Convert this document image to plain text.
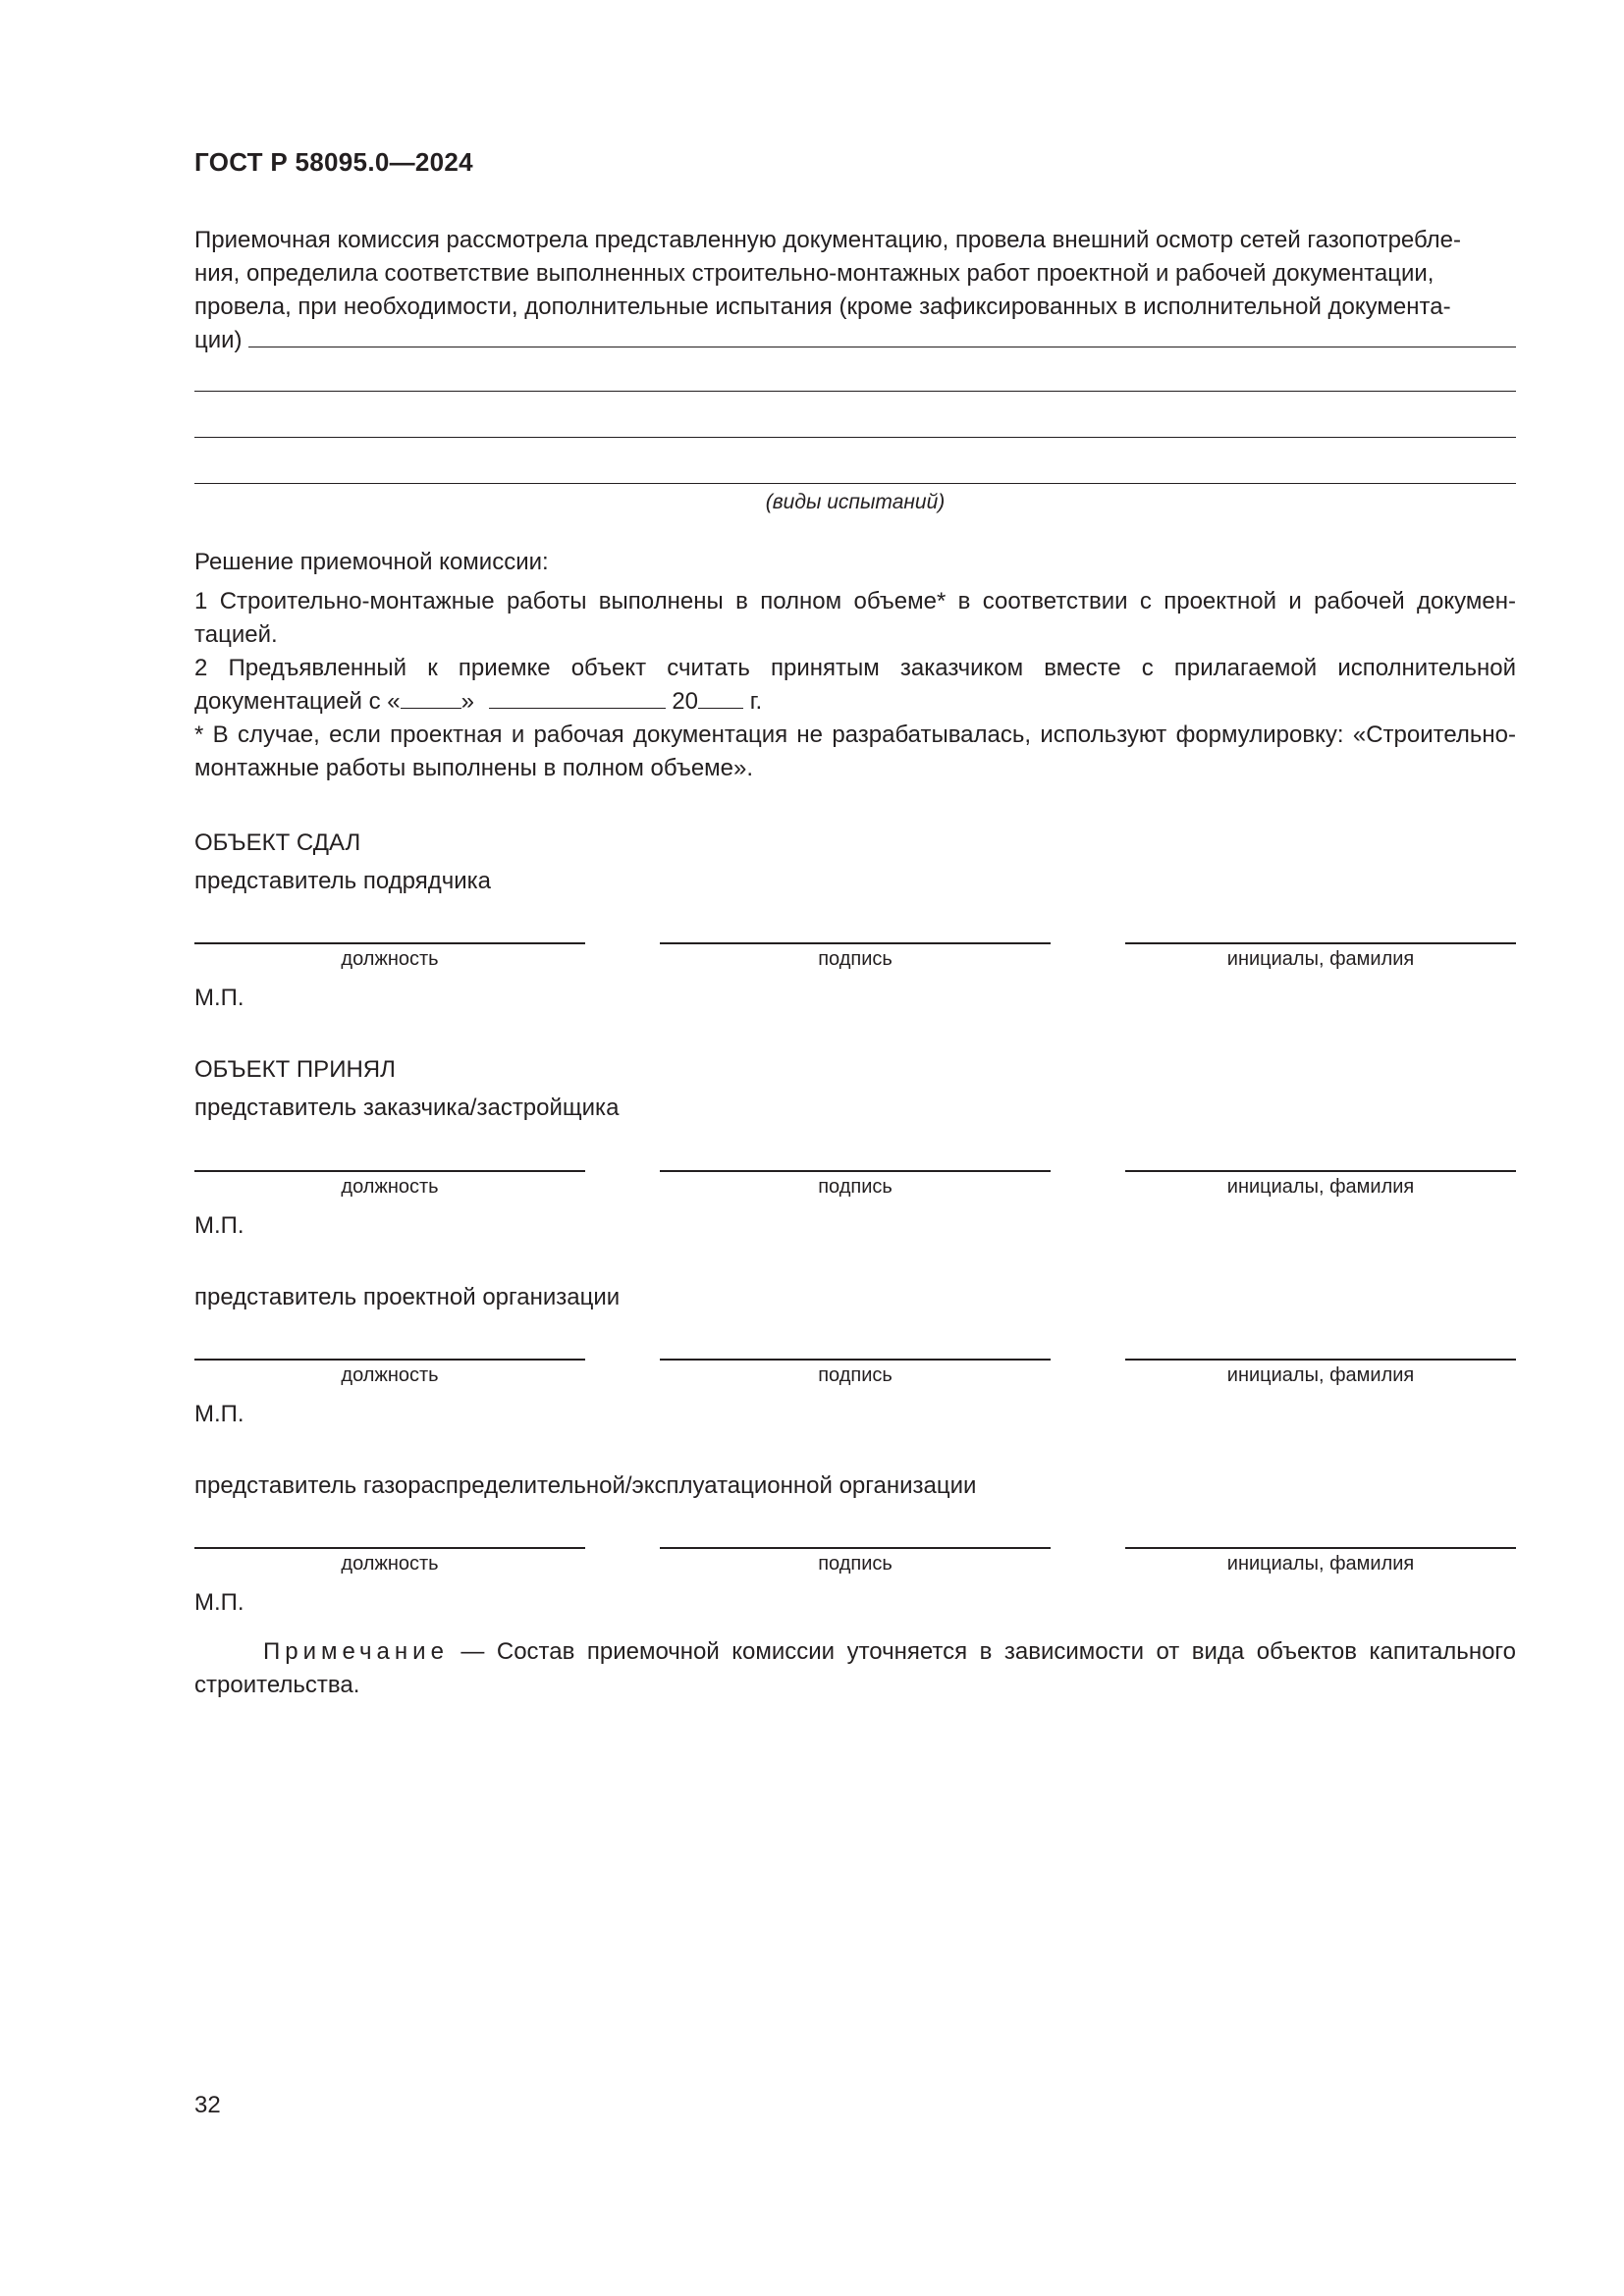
ГОСТ Р 58095.0—2024
Приемочная комиссия рассмотрела представленную документацию, провела внешний осмотр сетей газопотребле-
ния, определила соответствие выполненных строительно-монтажных работ проектной и рабочей документации,
провела, при необходимости, дополнительные испытания (кроме зафиксированных в исполнительной документа-
ции)
(виды испытаний)
Решение приемочной комиссии:
1 Строительно-монтажные работы выполнены в полном объеме* в соответствии с проектной и рабочей докумен-тацией.
2 Предъявленный к приемке объект считать принятым заказчиком вместе с прилагаемой исполнительной
документацией с «	»	20 г.
* В случае, если проектная и рабочая документация не разрабатывалась, используют формулировку: «Строительно-монтажные работы выполнены в полном объеме».
ОБЪЕКТ СДАЛ
представитель подрядчика
должность	подпись	инициалы, фамилия
М.П.
ОБЪЕКТ ПРИНЯЛ
представитель заказчика/застройщика
должность	подпись	инициалы, фамилия
М.П.
представитель проектной организации
должность	подпись	инициалы, фамилия
М.П.
представитель газораспределительной/эксплуатационной организации
должность	подпись	инициалы, фамилия
М.П.
Примечание — Состав приемочной комиссии уточняется в зависимости от вида объектов капитального строительства.
32
